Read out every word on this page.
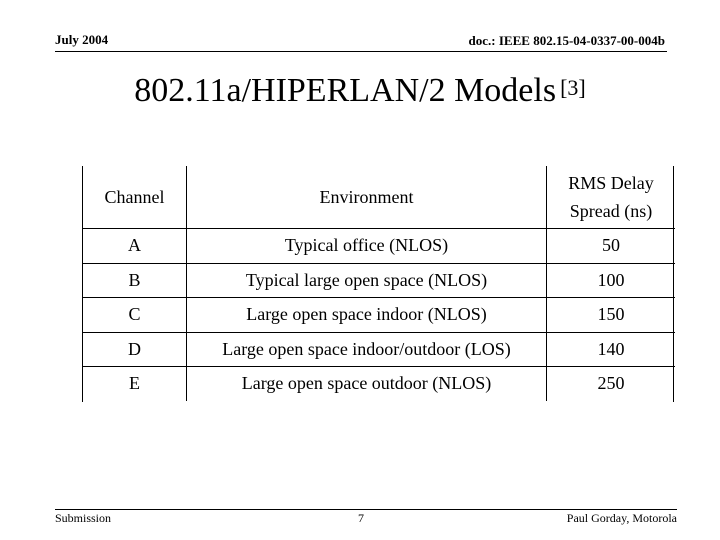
July 2004	doc.: IEEE 802.15-04-0337-00-004b
802.11a/HIPERLAN/2 Models [3]
Channel	Environment	RMS Delay
Spread (ns)

A	Typical office (NLOS)	50
B	Typical large open space (NLOS)	100
C	Large open space indoor (NLOS)	150
D	Large open space indoor/outdoor (LOS)	140
E	Large open space outdoor (NLOS)	250
Submission	7	Paul Gorday, Motorola
